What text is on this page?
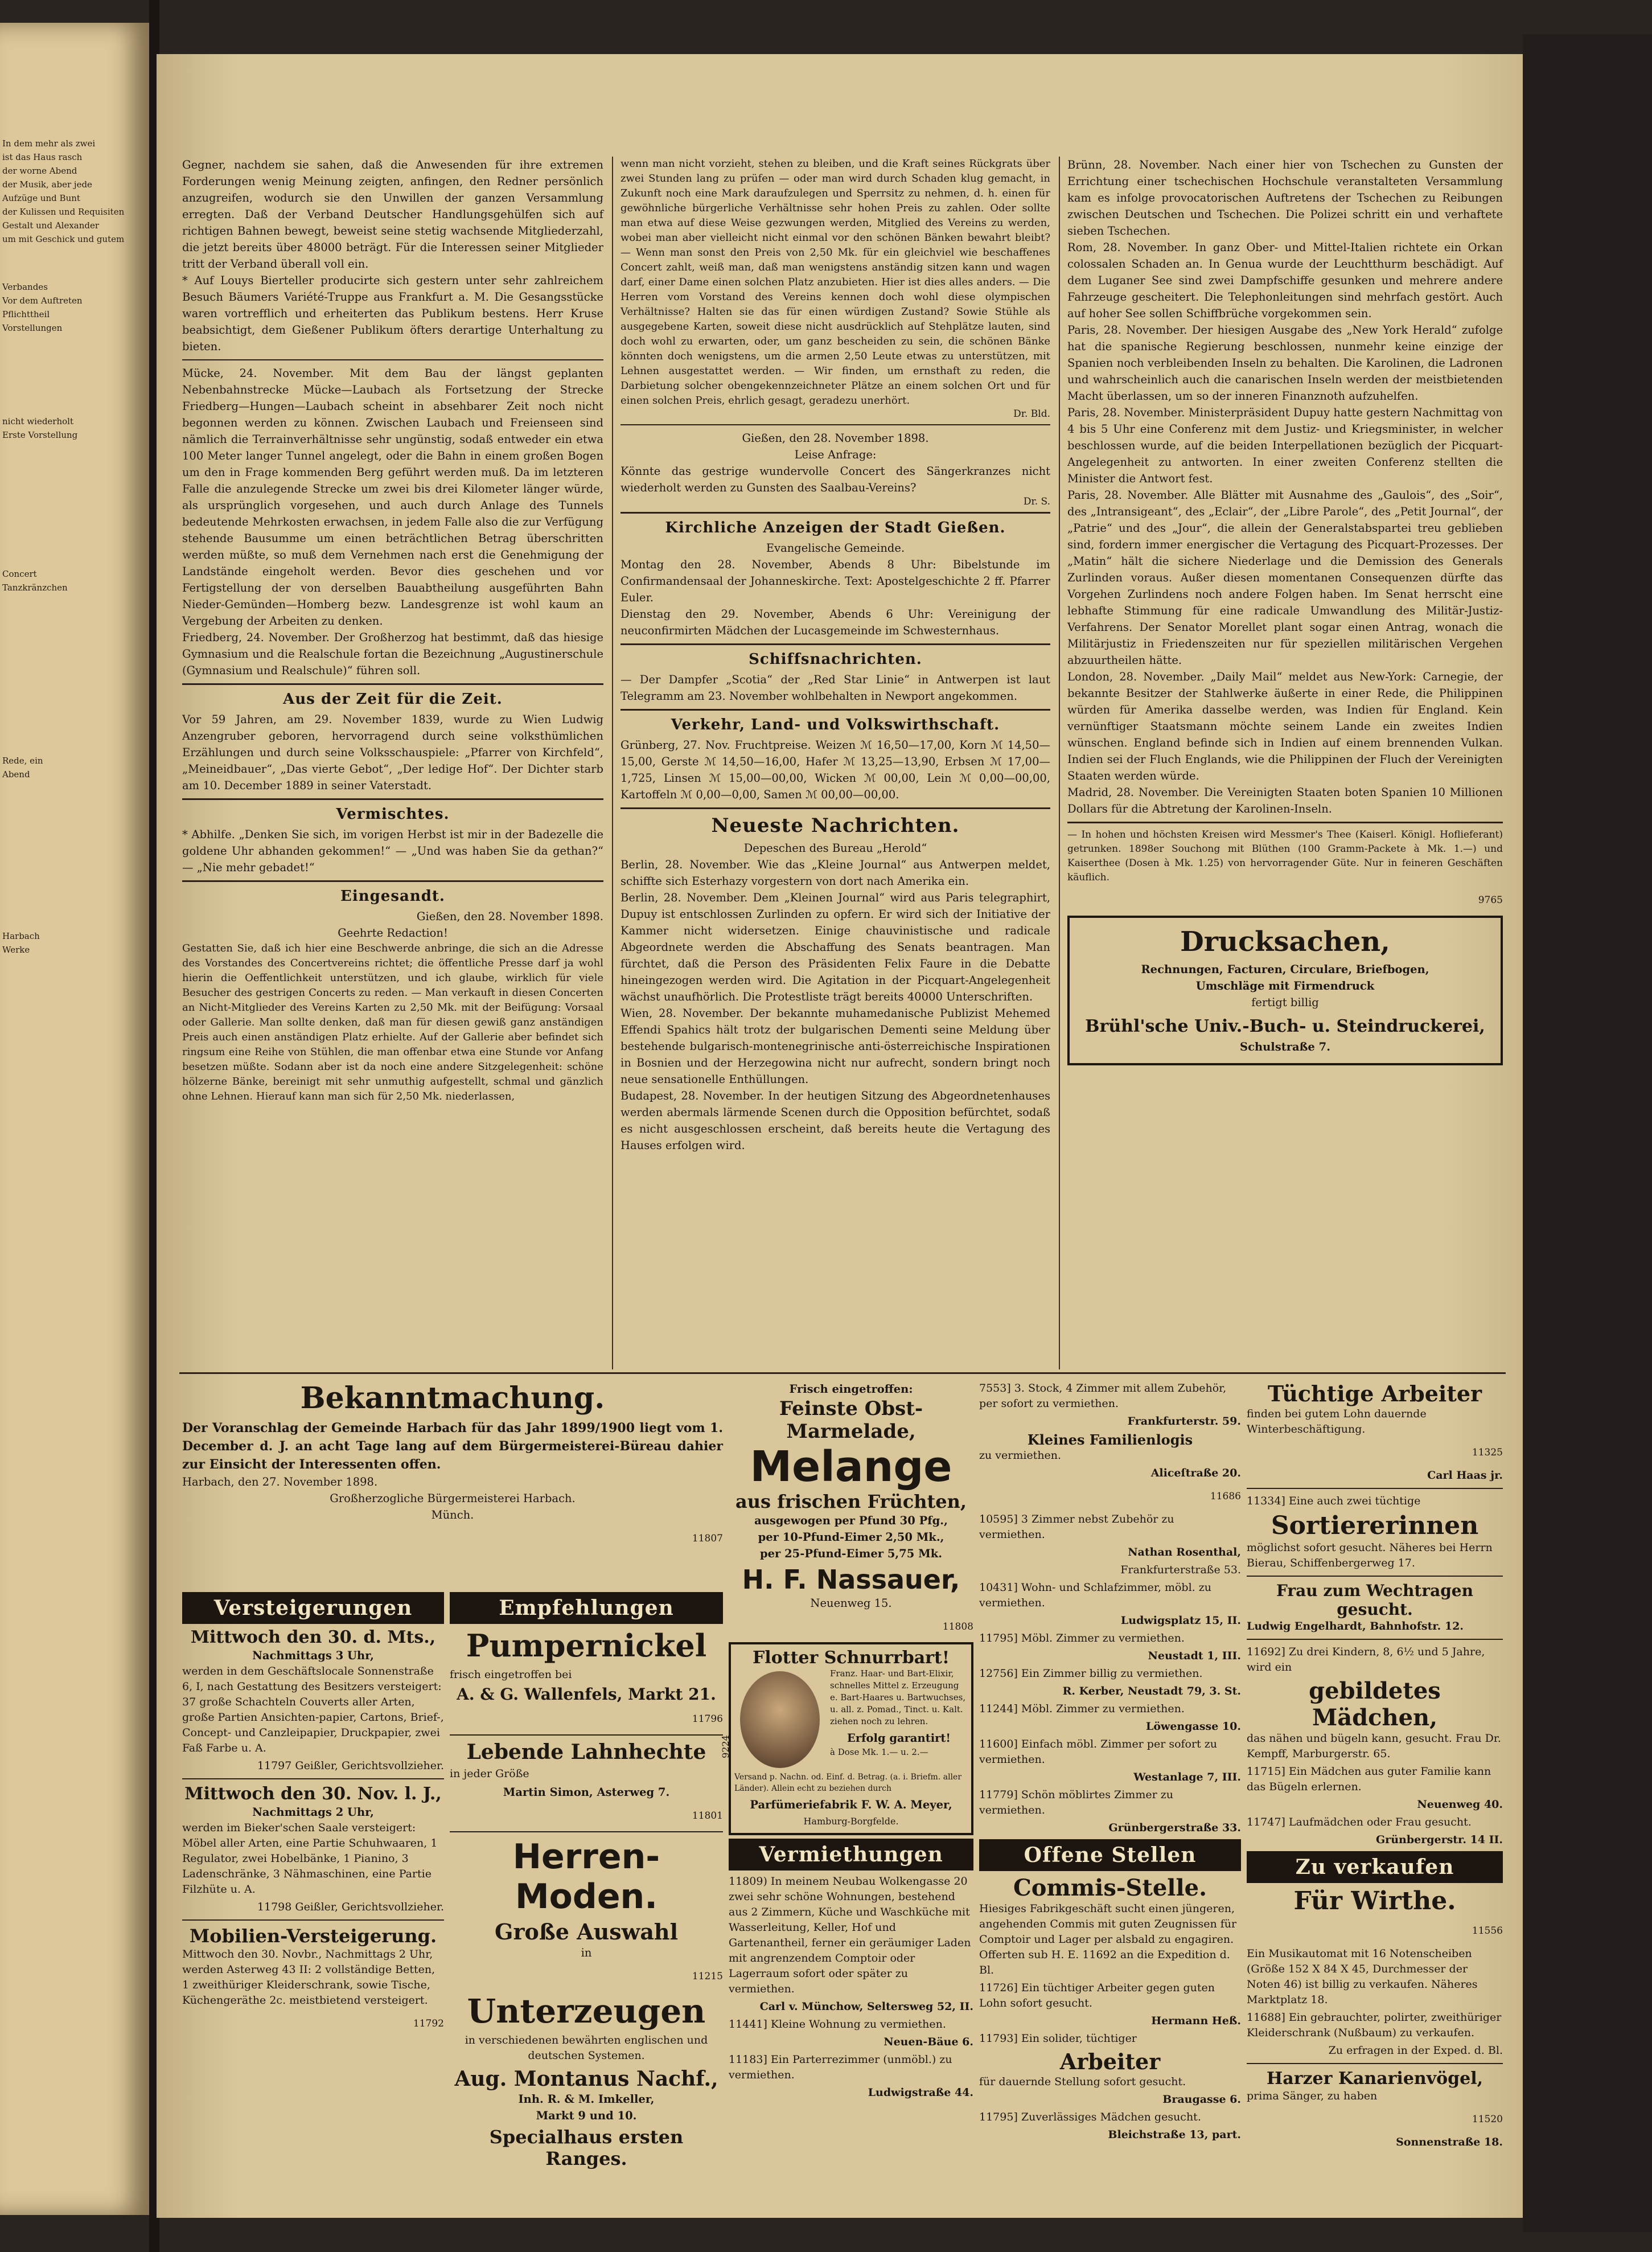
In dem mehr als zwei

ist das Haus rasch

der worne Abend

der Musik, aber jede

Aufzüge und Bunt

der Kulissen und Requisiten

Gestalt und Alexander

um mit Geschick und gutem

Verbandes

Vor dem Auftreten

Pflichttheil

Vorstellungen

nicht wiederholt

Erste Vorstellung

Concert

Tanzkränzchen

Rede, ein

Abend

Harbach

Werke

Gegner, nachdem sie sahen, daß die Anwesenden für ihre extremen Forderungen wenig Meinung zeigten, anfingen, den Redner persönlich anzugreifen, wodurch sie den Unwillen der ganzen Versammlung erregten. Daß der Verband Deutscher Handlungsgehülfen sich auf richtigen Bahnen bewegt, beweist seine stetig wachsende Mitgliederzahl, die jetzt bereits über 48000 beträgt. Für die Interessen seiner Mitglieder tritt der Verband überall voll ein.

* Auf Louys Bierteller producirte sich gestern unter sehr zahlreichem Besuch Bäumers Variété-Truppe aus Frankfurt a. M. Die Gesangsstücke waren vortrefflich und erheiterten das Publikum bestens. Herr Kruse beabsichtigt, dem Gießener Publikum öfters derartige Unterhaltung zu bieten.

Mücke, 24. November. Mit dem Bau der längst geplanten Nebenbahnstrecke Mücke—Laubach als Fortsetzung der Strecke Friedberg—Hungen—Laubach scheint in absehbarer Zeit noch nicht begonnen werden zu können. Zwischen Laubach und Freienseen sind nämlich die Terrainverhältnisse sehr ungünstig, sodaß entweder ein etwa 100 Meter langer Tunnel angelegt, oder die Bahn in einem großen Bogen um den in Frage kommenden Berg geführt werden muß. Da im letzteren Falle die anzulegende Strecke um zwei bis drei Kilometer länger würde, als ursprünglich vorgesehen, und auch durch Anlage des Tunnels bedeutende Mehrkosten erwachsen, in jedem Falle also die zur Verfügung stehende Bausumme um einen beträchtlichen Betrag überschritten werden müßte, so muß dem Vernehmen nach erst die Genehmigung der Landstände eingeholt werden. Bevor dies geschehen und vor Fertigstellung der von derselben Bauabtheilung ausgeführten Bahn Nieder-Gemünden—Homberg bezw. Landesgrenze ist wohl kaum an Vergebung der Arbeiten zu denken.

Friedberg, 24. November. Der Großherzog hat bestimmt, daß das hiesige Gymnasium und die Realschule fortan die Bezeichnung „Augustinerschule (Gymnasium und Realschule)“ führen soll.

Aus der Zeit für die Zeit.

Vor 59 Jahren, am 29. November 1839, wurde zu Wien Ludwig Anzengruber geboren, hervorragend durch seine volksthümlichen Erzählungen und durch seine Volksschauspiele: „Pfarrer von Kirchfeld“, „Meineidbauer“, „Das vierte Gebot“, „Der ledige Hof“. Der Dichter starb am 10. December 1889 in seiner Vaterstadt.

Vermischtes.

* Abhilfe. „Denken Sie sich, im vorigen Herbst ist mir in der Badezelle die goldene Uhr abhanden gekommen!“ — „Und was haben Sie da gethan?“ — „Nie mehr gebadet!“

Eingesandt.

Gießen, den 28. November 1898.

Geehrte Redaction!

Gestatten Sie, daß ich hier eine Beschwerde anbringe, die sich an die Adresse des Vorstandes des Concertvereins richtet; die öffentliche Presse darf ja wohl hierin die Oeffentlichkeit unterstützen, und ich glaube, wirklich für viele Besucher des gestrigen Concerts zu reden. — Man verkauft in diesen Concerten an Nicht-Mitglieder des Vereins Karten zu 2,50 Mk. mit der Beifügung: Vorsaal oder Gallerie. Man sollte denken, daß man für diesen gewiß ganz anständigen Preis auch einen anständigen Platz erhielte. Auf der Gallerie aber befindet sich ringsum eine Reihe von Stühlen, die man offenbar etwa eine Stunde vor Anfang besetzen müßte. Sodann aber ist da noch eine andere Sitzgelegenheit: schöne hölzerne Bänke, bereinigt mit sehr unmuthig aufgestellt, schmal und gänzlich ohne Lehnen. Hierauf kann man sich für 2,50 Mk. niederlassen,

wenn man nicht vorzieht, stehen zu bleiben, und die Kraft seines Rückgrats über zwei Stunden lang zu prüfen — oder man wird durch Schaden klug gemacht, in Zukunft noch eine Mark daraufzulegen und Sperrsitz zu nehmen, d. h. einen für gewöhnliche bürgerliche Verhältnisse sehr hohen Preis zu zahlen. Oder sollte man etwa auf diese Weise gezwungen werden, Mitglied des Vereins zu werden, wobei man aber vielleicht nicht einmal vor den schönen Bänken bewahrt bleibt? — Wenn man sonst den Preis von 2,50 Mk. für ein gleichviel wie beschaffenes Concert zahlt, weiß man, daß man wenigstens anständig sitzen kann und wagen darf, einer Dame einen solchen Platz anzubieten. Hier ist dies alles anders. — Die Herren vom Vorstand des Vereins kennen doch wohl diese olympischen Verhältnisse? Halten sie das für einen würdigen Zustand? Sowie Stühle als ausgegebene Karten, soweit diese nicht ausdrücklich auf Stehplätze lauten, sind doch wohl zu erwarten, oder, um ganz bescheiden zu sein, die schönen Bänke könnten doch wenigstens, um die armen 2,50 Leute etwas zu unterstützen, mit Lehnen ausgestattet werden. — Wir finden, um ernsthaft zu reden, die Darbietung solcher obengekennzeichneter Plätze an einem solchen Ort und für einen solchen Preis, ehrlich gesagt, geradezu unerhört.

Dr. Bld.

Gießen, den 28. November 1898.

Leise Anfrage:

Könnte das gestrige wundervolle Concert des Sängerkranzes nicht wiederholt werden zu Gunsten des Saalbau-Vereins?

Dr. S.

Kirchliche Anzeigen der Stadt Gießen.

Evangelische Gemeinde.

Montag den 28. November, Abends 8 Uhr: Bibelstunde im Confirmandensaal der Johanneskirche. Text: Apostelgeschichte 2 ff. Pfarrer Euler.

Dienstag den 29. November, Abends 6 Uhr: Vereinigung der neuconfirmirten Mädchen der Lucasgemeinde im Schwesternhaus.

Schiffsnachrichten.

— Der Dampfer „Scotia“ der „Red Star Linie“ in Antwerpen ist laut Telegramm am 23. November wohlbehalten in Newport angekommen.

Verkehr, Land- und Volkswirthschaft.

Grünberg, 27. Nov. Fruchtpreise. Weizen ℳ 16,50—17,00, Korn ℳ 14,50—15,00, Gerste ℳ 14,50—16,00, Hafer ℳ 13,25—13,90, Erbsen ℳ 17,00—1,725, Linsen ℳ 15,00—00,00, Wicken ℳ 00,00, Lein ℳ 0,00—00,00, Kartoffeln ℳ 0,00—0,00, Samen ℳ 00,00—00,00.

Neueste Nachrichten.

Depeschen des Bureau „Herold“

Berlin, 28. November. Wie das „Kleine Journal“ aus Antwerpen meldet, schiffte sich Esterhazy vorgestern von dort nach Amerika ein.

Berlin, 28. November. Dem „Kleinen Journal“ wird aus Paris telegraphirt, Dupuy ist entschlossen Zurlinden zu opfern. Er wird sich der Initiative der Kammer nicht widersetzen. Einige chauvinistische und radicale Abgeordnete werden die Abschaffung des Senats beantragen. Man fürchtet, daß die Person des Präsidenten Felix Faure in die Debatte hineingezogen werden wird. Die Agitation in der Picquart-Angelegenheit wächst unaufhörlich. Die Protestliste trägt bereits 40000 Unterschriften.

Wien, 28. November. Der bekannte muhamedanische Publizist Mehemed Effendi Spahics hält trotz der bulgarischen Dementi seine Meldung über bestehende bulgarisch-montenegrinische anti-österreichische Inspirationen in Bosnien und der Herzegowina nicht nur aufrecht, sondern bringt noch neue sensationelle Enthüllungen.

Budapest, 28. November. In der heutigen Sitzung des Abgeordnetenhauses werden abermals lärmende Scenen durch die Opposition befürchtet, sodaß es nicht ausgeschlossen erscheint, daß bereits heute die Vertagung des Hauses erfolgen wird.

Brünn, 28. November. Nach einer hier von Tschechen zu Gunsten der Errichtung einer tschechischen Hochschule veranstalteten Versammlung kam es infolge provocatorischen Auftretens der Tschechen zu Reibungen zwischen Deutschen und Tschechen. Die Polizei schritt ein und verhaftete sieben Tschechen.

Rom, 28. November. In ganz Ober- und Mittel-Italien richtete ein Orkan colossalen Schaden an. In Genua wurde der Leuchtthurm beschädigt. Auf dem Luganer See sind zwei Dampfschiffe gesunken und mehrere andere Fahrzeuge gescheitert. Die Telephonleitungen sind mehrfach gestört. Auch auf hoher See sollen Schiffbrüche vorgekommen sein.

Paris, 28. November. Der hiesigen Ausgabe des „New York Herald“ zufolge hat die spanische Regierung beschlossen, nunmehr keine einzige der Spanien noch verbleibenden Inseln zu behalten. Die Karolinen, die Ladronen und wahrscheinlich auch die canarischen Inseln werden der meistbietenden Macht überlassen, um so der inneren Finanznoth aufzuhelfen.

Paris, 28. November. Ministerpräsident Dupuy hatte gestern Nachmittag von 4 bis 5 Uhr eine Conferenz mit dem Justiz- und Kriegsminister, in welcher beschlossen wurde, auf die beiden Interpellationen bezüglich der Picquart-Angelegenheit zu antworten. In einer zweiten Conferenz stellten die Minister die Antwort fest.

Paris, 28. November. Alle Blätter mit Ausnahme des „Gaulois“, des „Soir“, des „Intransigeant“, des „Eclair“, der „Libre Parole“, des „Petit Journal“, der „Patrie“ und des „Jour“, die allein der Generalstabspartei treu geblieben sind, fordern immer energischer die Vertagung des Picquart-Prozesses. Der „Matin“ hält die sichere Niederlage und die Demission des Generals Zurlinden voraus. Außer diesen momentanen Consequenzen dürfte das Vorgehen Zurlindens noch andere Folgen haben. Im Senat herrscht eine lebhafte Stimmung für eine radicale Umwandlung des Militär-Justiz-Verfahrens. Der Senator Morellet plant sogar einen Antrag, wonach die Militärjustiz in Friedenszeiten nur für speziellen militärischen Vergehen abzuurtheilen hätte.

London, 28. November. „Daily Mail“ meldet aus New-York: Carnegie, der bekannte Besitzer der Stahlwerke äußerte in einer Rede, die Philippinen würden für Amerika dasselbe werden, was Indien für England. Kein vernünftiger Staatsmann möchte seinem Lande ein zweites Indien wünschen. England befinde sich in Indien auf einem brennenden Vulkan. Indien sei der Fluch Englands, wie die Philippinen der Fluch der Vereinigten Staaten werden würde.

Madrid, 28. November. Die Vereinigten Staaten boten Spanien 10 Millionen Dollars für die Abtretung der Karolinen-Inseln.

— In hohen und höchsten Kreisen wird Messmer's Thee (Kaiserl. Königl. Hoflieferant) getrunken. 1898er Souchong mit Blüthen (100 Gramm-Packete à Mk. 1.—) und Kaiserthee (Dosen à Mk. 1.25) von hervorragender Güte. Nur in feineren Geschäften käuflich.

9765

Drucksachen,

Rechnungen, Facturen, Circulare, Briefbogen,

Umschläge mit Firmendruck

fertigt billig

Brühl'sche Univ.-Buch- u. Steindruckerei,

Schulstraße 7.

Bekanntmachung.

Der Voranschlag der Gemeinde Harbach für das Jahr 1899/1900 liegt vom 1. December d. J. an acht Tage lang auf dem Bürgermeisterei-Büreau dahier zur Einsicht der Interessenten offen.

Harbach, den 27. November 1898.

Großherzogliche Bürgermeisterei Harbach.

Münch.

11807

Versteigerungen

Mittwoch den 30. d. Mts.,

Nachmittags 3 Uhr,

werden in dem Geschäftslocale Sonnenstraße 6, I, nach Gestattung des Besitzers versteigert: 37 große Schachteln Couverts aller Arten, große Partien Ansichten-papier, Cartons, Brief-, Concept- und Canzleipapier, Druckpapier, zwei Faß Farbe u. A.

11797 Geißler, Gerichtsvollzieher.

Mittwoch den 30. Nov. l. J.,

Nachmittags 2 Uhr,

werden im Bieker'schen Saale versteigert: Möbel aller Arten, eine Partie Schuhwaaren, 1 Regulator, zwei Hobelbänke, 1 Pianino, 3 Ladenschränke, 3 Nähmaschinen, eine Partie Filzhüte u. A.

11798 Geißler, Gerichtsvollzieher.

Mobilien-Versteigerung.

Mittwoch den 30. Novbr., Nachmittags 2 Uhr, werden Asterweg 43 II: 2 vollständige Betten, 1 zweithüriger Kleiderschrank, sowie Tische, Küchengeräthe 2c. meistbietend versteigert.

11792

Empfehlungen

Pumpernickel

frisch eingetroffen bei

A. & G. Wallenfels, Markt 21.

11796

Lebende Lahnhechte

in jeder Größe

Martin Simon, Asterweg 7.

11801

Herren-Moden.

Große Auswahl

in

11215

Unterzeugen

in verschiedenen bewährten englischen und deutschen Systemen.

Aug. Montanus Nachf.,

Inh. R. & M. Imkeller,

Markt 9 und 10.

Specialhaus ersten Ranges.

Frisch eingetroffen:

Feinste Obst-Marmelade,

Melange

aus frischen Früchten,

ausgewogen per Pfund 30 Pfg.,

per 10-Pfund-Eimer 2,50 Mk.,

per 25-Pfund-Eimer 5,75 Mk.

H. F. Nassauer,

Neuenweg 15.

11808

Flotter Schnurrbart!

Franz. Haar- und Bart-Elixir, schnelles Mittel z. Erzeugung e. Bart-Haares u. Bartwuchses, u. all. z. Pomad., Tinct. u. Kalt. ziehen noch zu lehren.

Erfolg garantirt!

à Dose Mk. 1.— u. 2.—

Versand p. Nachn. od. Einf. d. Betrag. (a. i. Briefm. aller Länder). Allein echt zu beziehen durch

Parfümeriefabrik F. W. A. Meyer,

Hamburg-Borgfelde.

9224

Vermiethungen

11809) In meinem Neubau Wolkengasse 20 zwei sehr schöne Wohnungen, bestehend aus 2 Zimmern, Küche und Waschküche mit Wasserleitung, Keller, Hof und Gartenantheil, ferner ein geräumiger Laden mit angrenzendem Comptoir oder Lagerraum sofort oder später zu vermiethen.

Carl v. Münchow, Seltersweg 52, II.

11441] Kleine Wohnung zu vermiethen.

Neuen-Bäue 6.

11183] Ein Parterrezimmer (unmöbl.) zu vermiethen.

Ludwigstraße 44.

7553] 3. Stock, 4 Zimmer mit allem Zubehör, per sofort zu vermiethen.

Frankfurterstr. 59.

Kleines Familienlogis

zu vermiethen.

Aliceſtraße 20.

11686

10595] 3 Zimmer nebst Zubehör zu vermiethen.

Nathan Rosenthal,

Frankfurterstraße 53.

10431] Wohn- und Schlafzimmer, möbl. zu vermiethen.

Ludwigsplatz 15, II.

11795] Möbl. Zimmer zu vermiethen.

Neustadt 1, III.

12756] Ein Zimmer billig zu vermiethen.

R. Kerber, Neustadt 79, 3. St.

11244] Möbl. Zimmer zu vermiethen.

Löwengasse 10.

11600] Einfach möbl. Zimmer per sofort zu vermiethen.

Westanlage 7, III.

11779] Schön möblirtes Zimmer zu vermiethen.

Grünbergerstraße 33.

Offene Stellen

Commis-Stelle.

Hiesiges Fabrikgeschäft sucht einen jüngeren, angehenden Commis mit guten Zeugnissen für Comptoir und Lager per alsbald zu engagiren. Offerten sub H. E. 11692 an die Expedition d. Bl.

11726] Ein tüchtiger Arbeiter gegen guten Lohn sofort gesucht.

Hermann Heß.

11793] Ein solider, tüchtiger

Arbeiter

für dauernde Stellung sofort gesucht.

Braugasse 6.

11795] Zuverlässiges Mädchen gesucht.

Bleichstraße 13, part.

Tüchtige Arbeiter

finden bei gutem Lohn dauernde Winterbeschäftigung.

11325

Carl Haas jr.

11334] Eine auch zwei tüchtige

Sortiererinnen

möglichst sofort gesucht. Näheres bei Herrn Bierau, Schiffenbergerweg 17.

Frau zum Wechtragen gesucht.

Ludwig Engelhardt, Bahnhofstr. 12.

11692] Zu drei Kindern, 8, 6½ und 5 Jahre, wird ein

gebildetes Mädchen,

das nähen und bügeln kann, gesucht. Frau Dr. Kempff, Marburgerstr. 65.

11715] Ein Mädchen aus guter Familie kann das Bügeln erlernen.

Neuenweg 40.

11747] Laufmädchen oder Frau gesucht.

Grünbergerstr. 14 II.

Zu verkaufen

Für Wirthe.

11556

Ein Musikautomat mit 16 Notenscheiben (Größe 152 X 84 X 45, Durchmesser der Noten 46) ist billig zu verkaufen. Näheres Marktplatz 18.

11688] Ein gebrauchter, polirter, zweithüriger Kleiderschrank (Nußbaum) zu verkaufen.

Zu erfragen in der Exped. d. Bl.

Harzer Kanarienvögel,

prima Sänger, zu haben

11520

Sonnenstraße 18.
